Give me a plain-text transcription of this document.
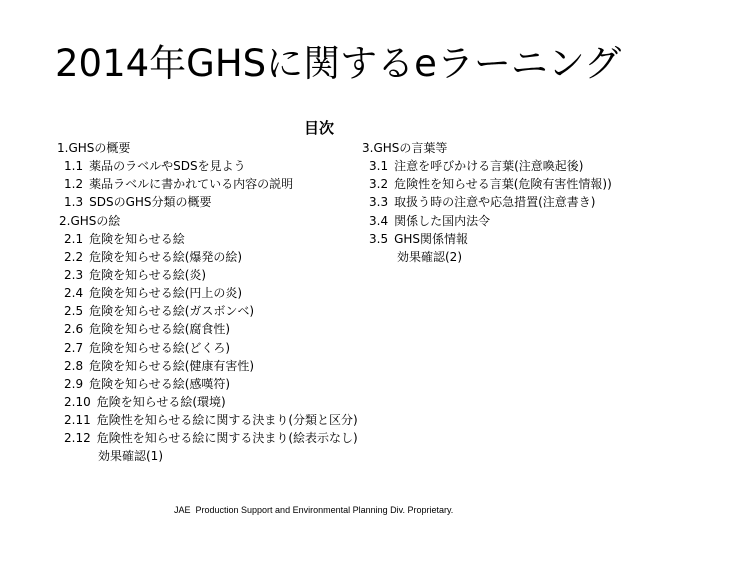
2014年GHSに関するeラーニング
目次
1.GHSの概要
1.1 薬品のラベルやSDSを見よう
1.2 薬品ラベルに書かれている内容の説明
1.3 SDSのGHS分類の概要
2.GHSの絵
2.1 危険を知らせる絵
2.2 危険を知らせる絵(爆発の絵)
2.3 危険を知らせる絵(炎)
2.4 危険を知らせる絵(円上の炎)
2.5 危険を知らせる絵(ガスボンベ)
2.6 危険を知らせる絵(腐食性)
2.7 危険を知らせる絵(どくろ)
2.8 危険を知らせる絵(健康有害性)
2.9 危険を知らせる絵(感嘆符)
2.10 危険を知らせる絵(環境)
2.11 危険性を知らせる絵に関する決まり(分類と区分)
2.12 危険性を知らせる絵に関する決まり(絵表示なし)
効果確認(1)
3.GHSの言葉等
3.1 注意を呼びかける言葉(注意喚起後)
3.2 危険性を知らせる言葉(危険有害性情報))
3.3 取扱う時の注意や応急措置(注意書き)
3.4 関係した国内法令
3.5 GHS関係情報
効果確認(2)
JAE  Production Support and Environmental Planning Div. Proprietary.
